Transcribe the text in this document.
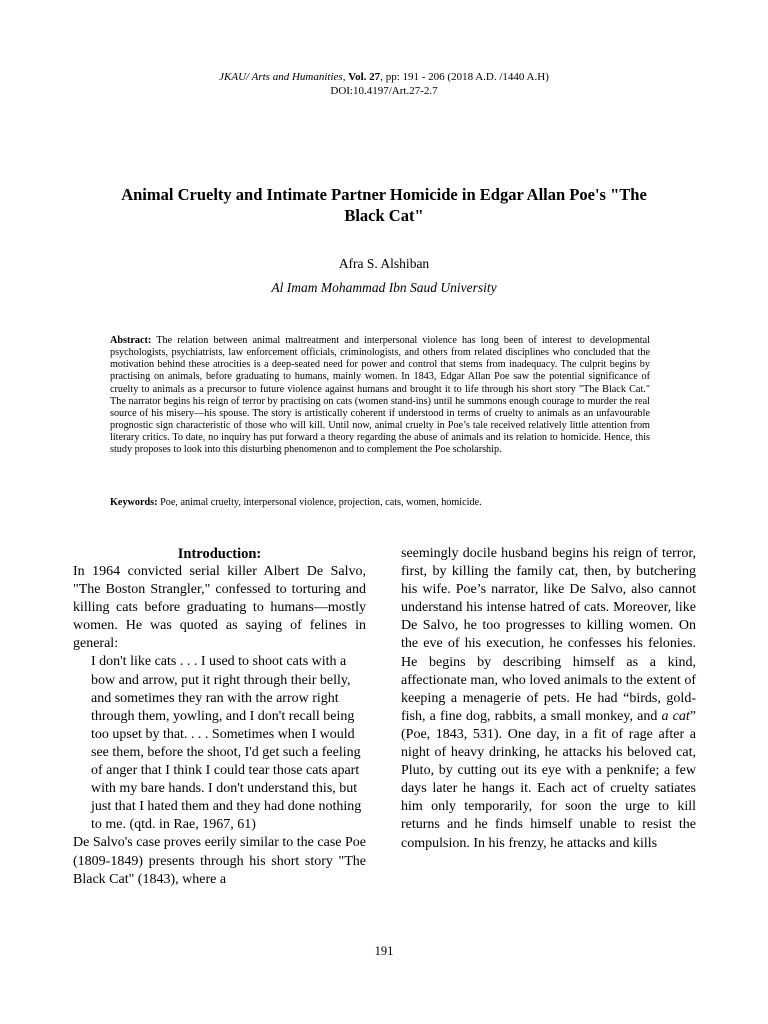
JKAU/ Arts and Humanities, Vol. 27, pp: 191 - 206 (2018 A.D. /1440 A.H)
DOI:10.4197/Art.27-2.7
Animal Cruelty and Intimate Partner Homicide in Edgar Allan Poe's "The Black Cat"
Afra S. Alshiban
Al Imam Mohammad Ibn Saud University

Abstract: The relation between animal maltreatment and interpersonal violence has long been of interest to developmental psychologists, psychiatrists, law enforcement officials, criminologists, and others from related disciplines who concluded that the motivation behind these atrocities is a deep-seated need for power and control that stems from inadequacy. The culprit begins by practising on animals, before graduating to humans, mainly women. In 1843, Edgar Allan Poe saw the potential significance of cruelty to animals as a precursor to future violence against humans and brought it to life through his short story "The Black Cat." The narrator begins his reign of terror by practising on cats (women stand-ins) until he summons enough courage to murder the real source of his misery—his spouse. The story is artistically coherent if understood in terms of cruelty to animals as an unfavourable prognostic sign characteristic of those who will kill. Until now, animal cruelty in Poe’s tale received relatively little attention from literary critics. To date, no inquiry has put forward a theory regarding the abuse of animals and its relation to homicide. Hence, this study proposes to look into this disturbing phenomenon and to complement the Poe scholarship.

Keywords: Poe, animal cruelty, interpersonal violence, projection, cats, women, homicide.

Introduction:

In 1964 convicted serial killer Albert De Salvo, "The Boston Strangler," confessed to torturing and killing cats before graduating to humans—mostly women. He was quoted as saying of felines in general:

I don't like cats . . . I used to shoot cats with a bow and arrow, put it right through their belly, and sometimes they ran with the arrow right through them, yowling, and I don't recall being too upset by that. . . . Sometimes when I would see them, before the shoot, I'd get such a feeling of anger that I think I could tear those cats apart with my bare hands. I don't understand this, but just that I hated them and they had done nothing to me. (qtd. in Rae, 1967, 61)

De Salvo's case proves eerily similar to the case Poe (1809-1849) presents through his short story "The Black Cat" (1843), where a

seemingly docile husband begins his reign of terror, first, by killing the family cat, then, by butchering his wife. Poe’s narrator, like De Salvo, also cannot understand his intense hatred of cats. Moreover, like De Salvo, he too progresses to killing women. On the eve of his execution, he confesses his felonies. He begins by describing himself as a kind, affectionate man, who loved animals to the extent of keeping a menagerie of pets. He had “birds, gold-fish, a fine dog, rabbits, a small monkey, and a cat” (Poe, 1843, 531). One day, in a fit of rage after a night of heavy drinking, he attacks his beloved cat, Pluto, by cutting out its eye with a penknife; a few days later he hangs it. Each act of cruelty satiates him only temporarily, for soon the urge to kill returns and he finds himself unable to resist the compulsion. In his frenzy, he attacks and kills

191
